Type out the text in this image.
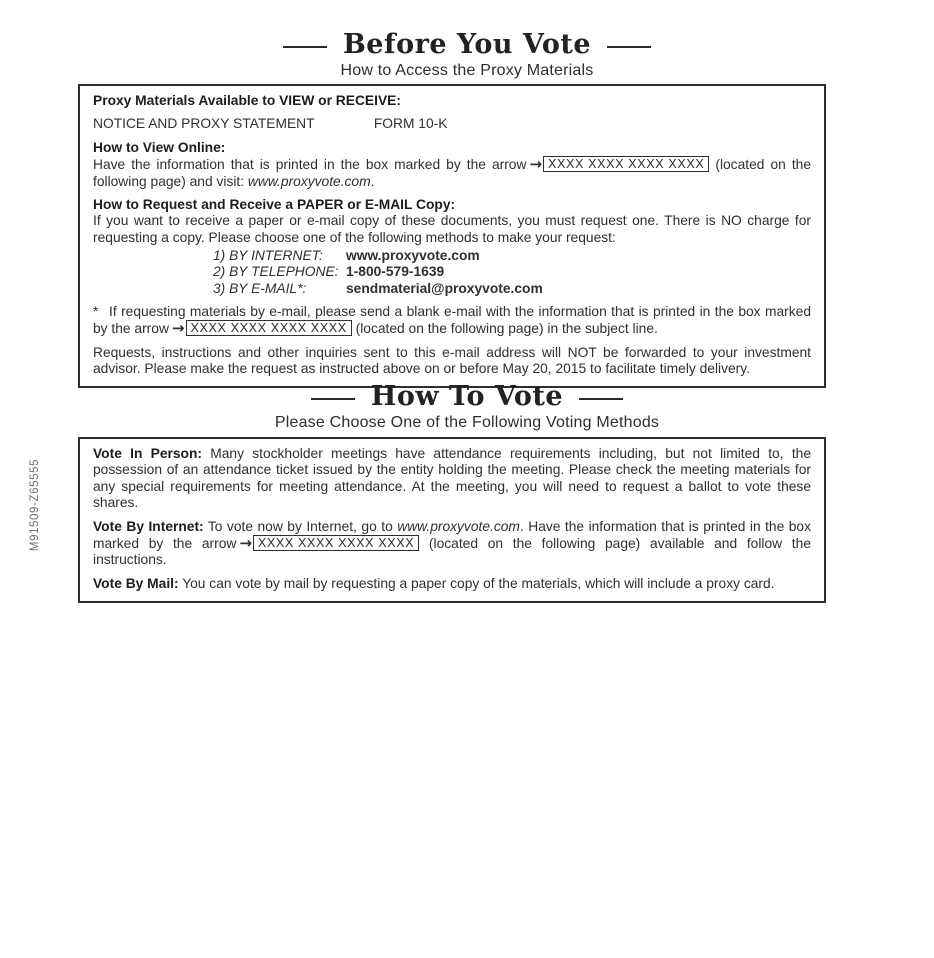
M91509-Z65555
Before You Vote
How to Access the Proxy Materials

Proxy Materials Available to VIEW or RECEIVE:

NOTICE AND PROXY STATEMENT	FORM 10-K

How to View Online:

Have the information that is printed in the box marked by the arrow → XXXX XXXX XXXX XXXX (located on the following page) and visit: www.proxyvote.com.

How to Request and Receive a PAPER or E-MAIL Copy:

If you want to receive a paper or e-mail copy of these documents, you must request one. There is NO charge for requesting a copy. Please choose one of the following methods to make your request:

1) BY INTERNET:	www.proxyvote.com
2) BY TELEPHONE: 1-800-579-1639
3) BY E-MAIL*:	sendmaterial@proxyvote.com

* If requesting materials by e-mail, please send a blank e-mail with the information that is printed in the box marked by the arrow → XXXX XXXX XXXX XXXX (located on the following page) in the subject line.

Requests, instructions and other inquiries sent to this e-mail address will NOT be forwarded to your investment advisor. Please make the request as instructed above on or before May 20, 2015 to facilitate timely delivery.

How To Vote
Please Choose One of the Following Voting Methods

Vote In Person: Many stockholder meetings have attendance requirements including, but not limited to, the possession of an attendance ticket issued by the entity holding the meeting. Please check the meeting materials for any special requirements for meeting attendance. At the meeting, you will need to request a ballot to vote these shares.

Vote By Internet: To vote now by Internet, go to www.proxyvote.com. Have the information that is printed in the box marked by the arrow → XXXX XXXX XXXX XXXX (located on the following page) available and follow the instructions.

Vote By Mail: You can vote by mail by requesting a paper copy of the materials, which will include a proxy card.
